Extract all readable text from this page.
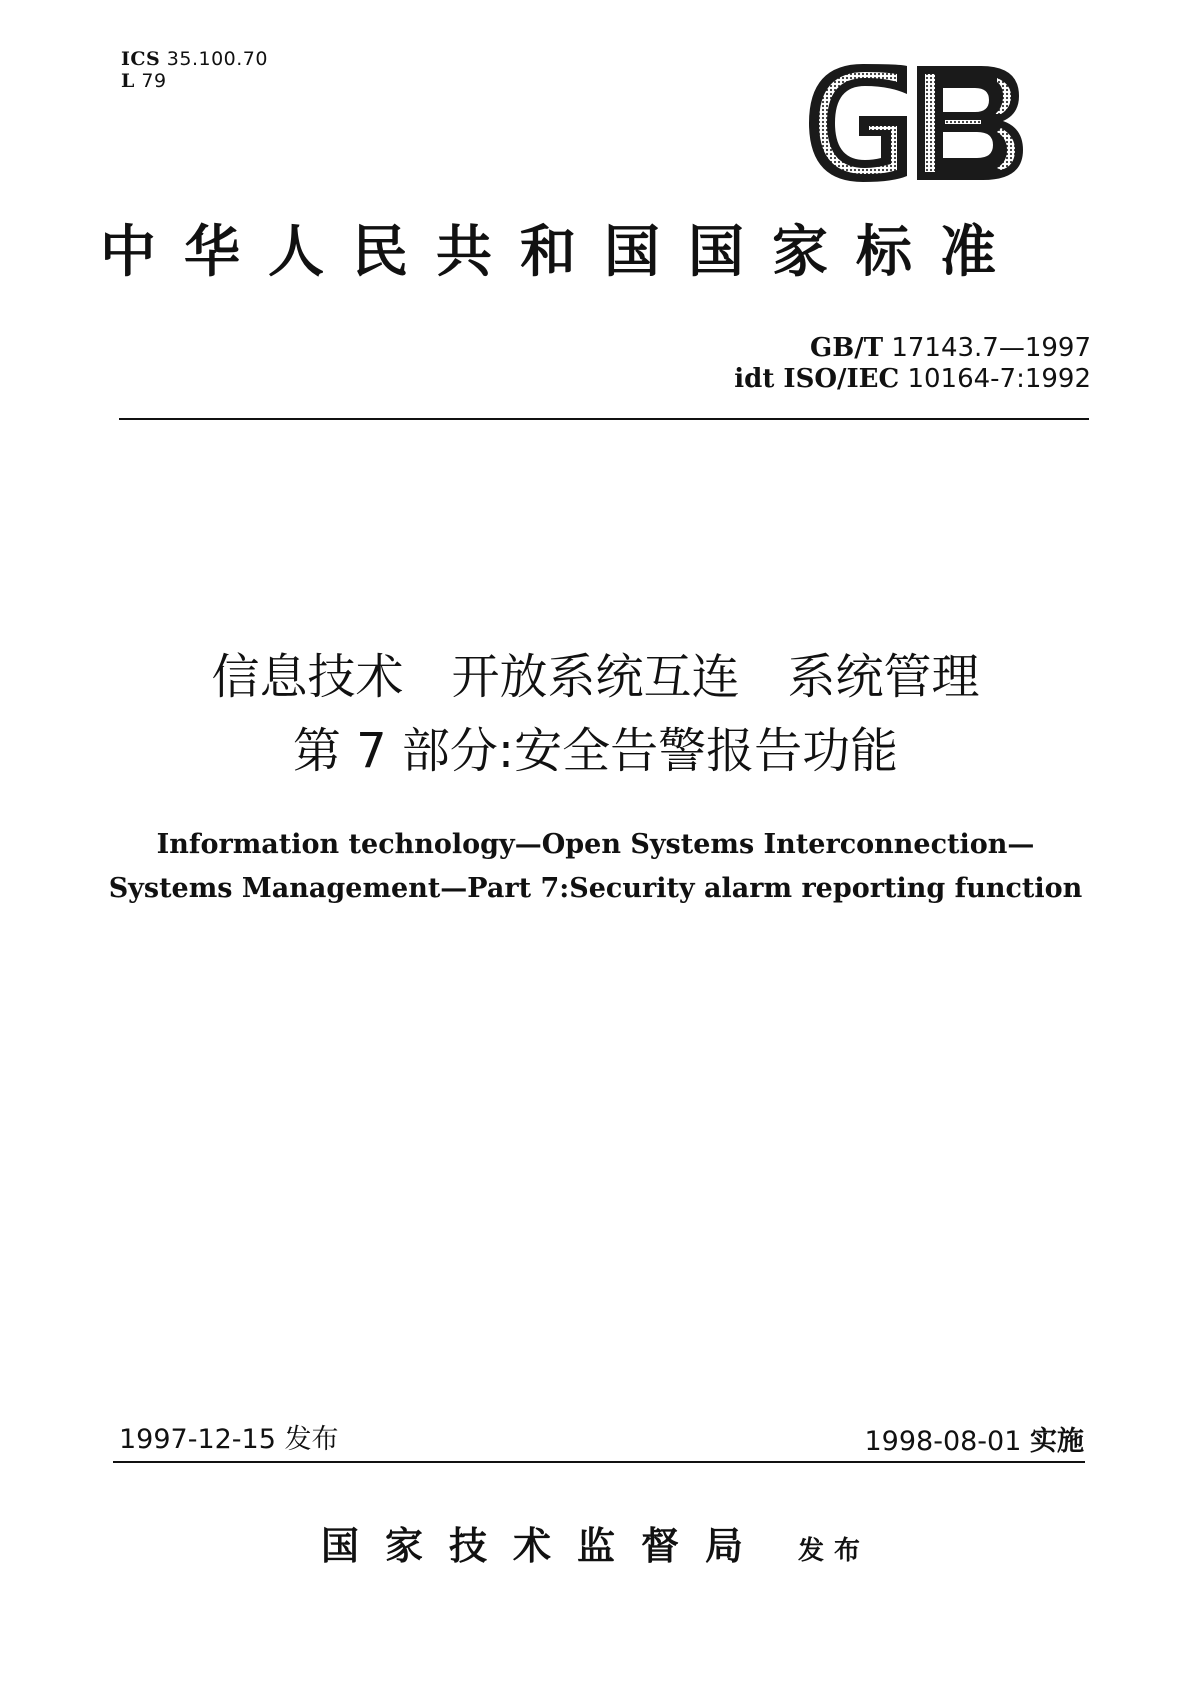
ICS 35.100.70
L 79
中华人民共和国国家标准
GB/T 17143.7—1997
idt ISO/IEC 10164-7:1992
信息技术　开放系统互连　系统管理
第 7 部分:安全告警报告功能
Information technology—Open Systems Interconnection—
Systems Management—Part 7:Security alarm reporting function
1997-12-15 发布	1998-08-01 实施
国家技术监督局 发布
